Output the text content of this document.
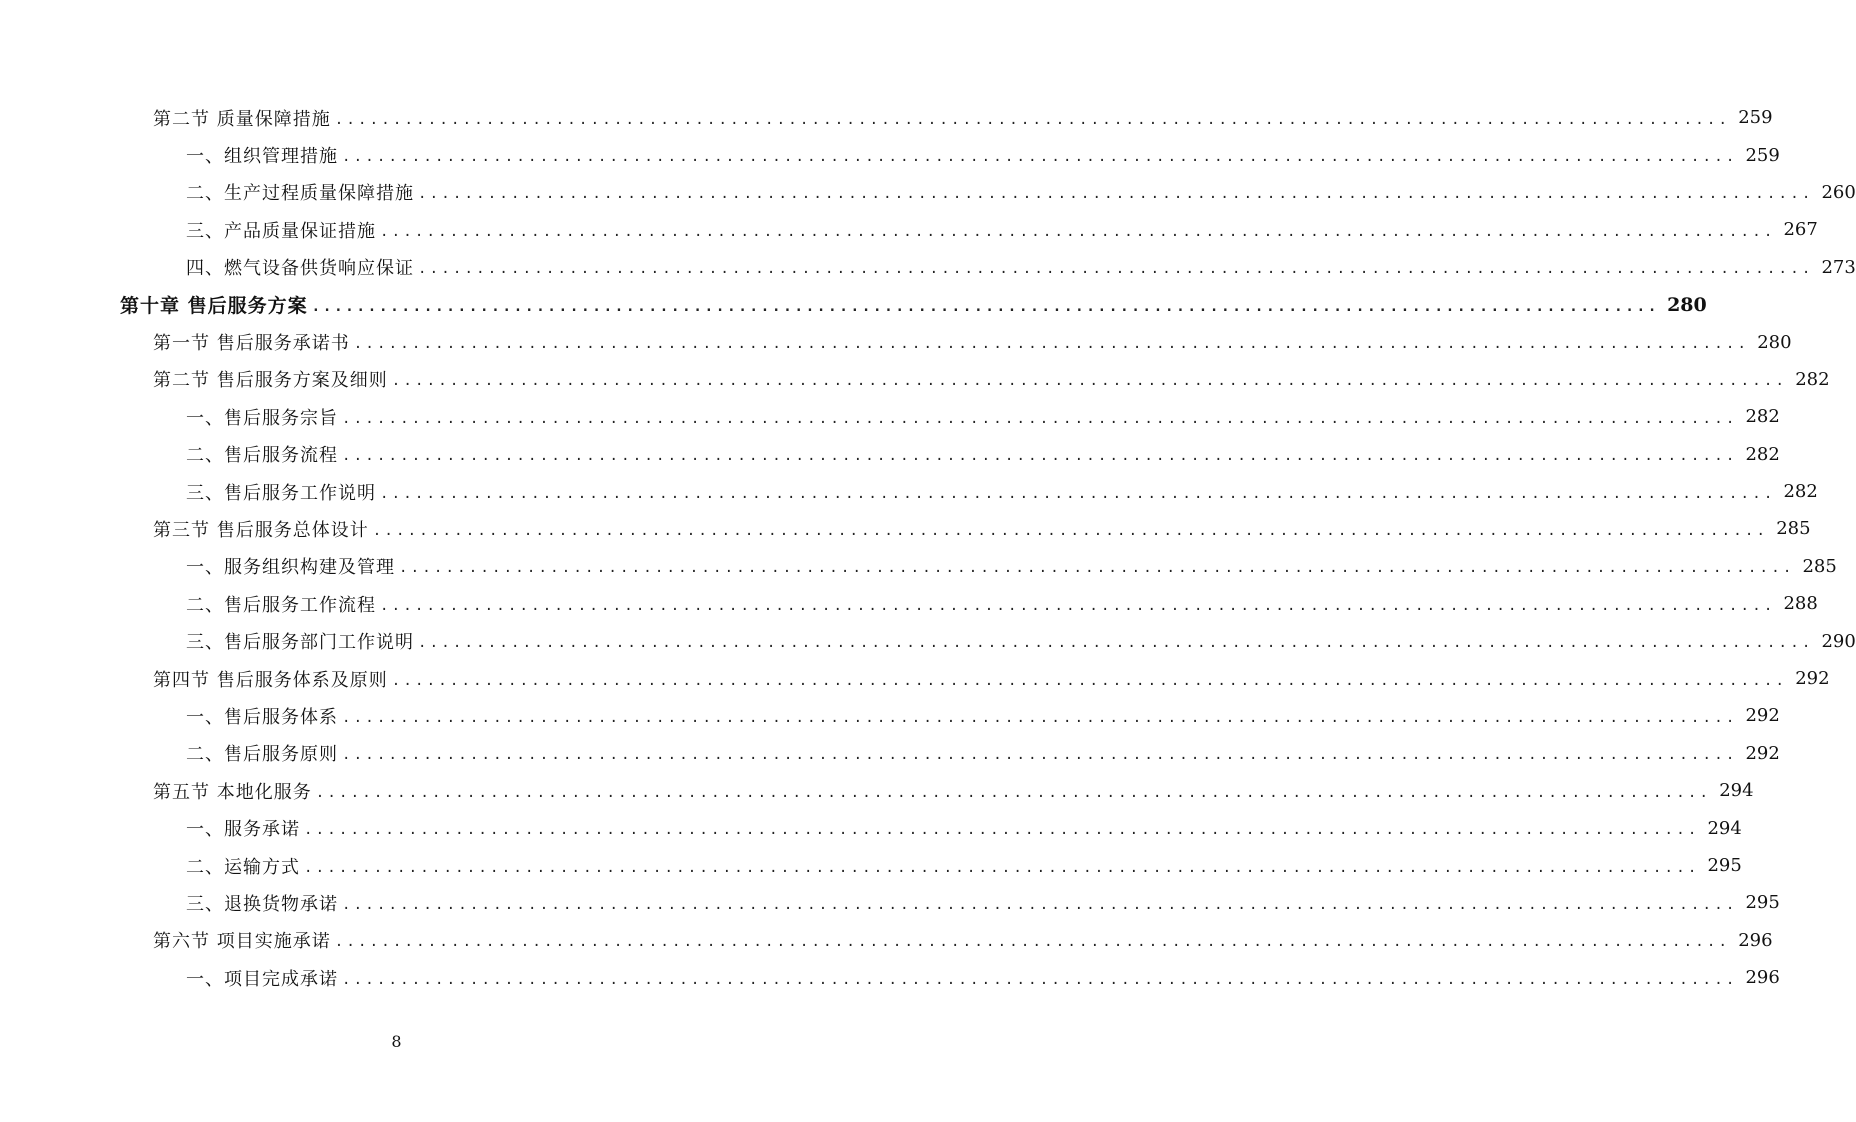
第二节 质量保障措施 ........................................................................................................................ 259
一、组织管理措施 ........................................................................................................................ 259
二、生产过程质量保障措施 ........................................................................................................................ 260
三、产品质量保证措施 ........................................................................................................................ 267
四、燃气设备供货响应保证 ........................................................................................................................ 273
第十章 售后服务方案 ........................................................................................................................ 280
第一节 售后服务承诺书 ........................................................................................................................ 280
第二节 售后服务方案及细则 ........................................................................................................................ 282
一、售后服务宗旨 ........................................................................................................................ 282
二、售后服务流程 ........................................................................................................................ 282
三、售后服务工作说明 ........................................................................................................................ 282
第三节 售后服务总体设计 ........................................................................................................................ 285
一、服务组织构建及管理 ........................................................................................................................ 285
二、售后服务工作流程 ........................................................................................................................ 288
三、售后服务部门工作说明 ........................................................................................................................ 290
第四节 售后服务体系及原则 ........................................................................................................................ 292
一、售后服务体系 ........................................................................................................................ 292
二、售后服务原则 ........................................................................................................................ 292
第五节 本地化服务 ........................................................................................................................ 294
一、服务承诺 ........................................................................................................................ 294
二、运输方式 ........................................................................................................................ 295
三、退换货物承诺 ........................................................................................................................ 295
第六节 项目实施承诺 ........................................................................................................................ 296
一、项目完成承诺 ........................................................................................................................ 296
8
